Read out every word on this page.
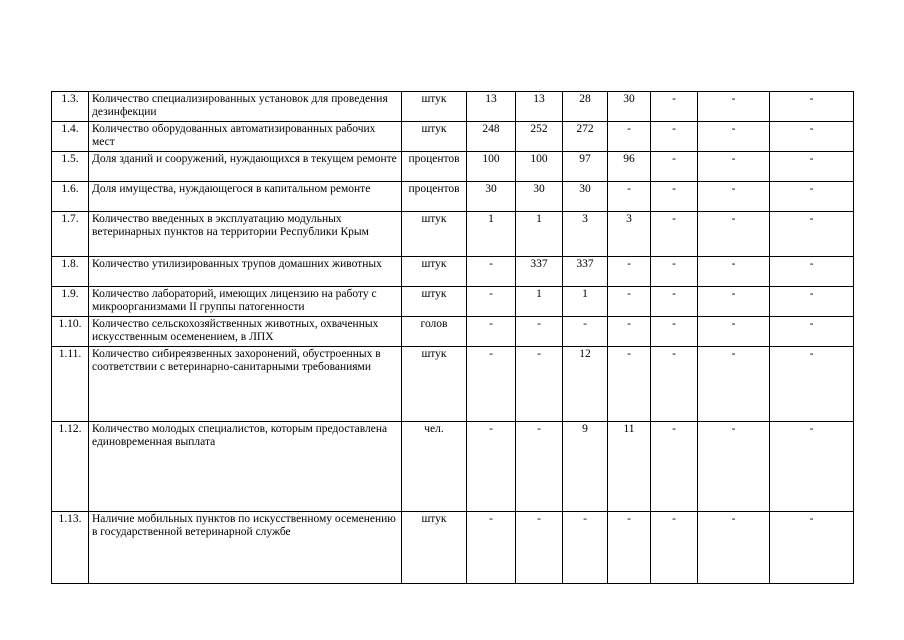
1.3.	Количество специализированных установок для проведения дезинфекции	штук	13	13	28	30	-	-	-
1.4.	Количество оборудованных автоматизированных рабочих мест	штук	248	252	272	-	-	-	-
1.5.	Доля зданий и сооружений, нуждающихся в текущем ремонте	процентов	100	100	97	96	-	-	-
1.6.	Доля имущества, нуждающегося в капитальном ремонте	процентов	30	30	30	-	-	-	-
1.7.	Количество введенных в эксплуатацию модульных ветеринарных пунктов на территории Республики Крым	штук	1	1	3	3	-	-	-
1.8.	Количество утилизированных трупов домашних животных	штук	-	337	337	-	-	-	-
1.9.	Количество лабораторий, имеющих лицензию на работу с микроорганизмами II группы патогенности	штук	-	1	1	-	-	-	-
1.10.	Количество сельскохозяйственных животных, охваченных искусственным осеменением, в ЛПХ	голов	-	-	-	-	-	-	-
1.11.	Количество сибиреязвенных захоронений, обустроенных в соответствии с ветеринарно-санитарными требованиями	штук	-	-	12	-	-	-	-
1.12.	Количество молодых специалистов, которым предоставлена единовременная выплата	чел.	-	-	9	11	-	-	-
1.13.	Наличие мобильных пунктов по искусственному осеменению в государственной ветеринарной службе	штук	-	-	-	-	-	-	-
